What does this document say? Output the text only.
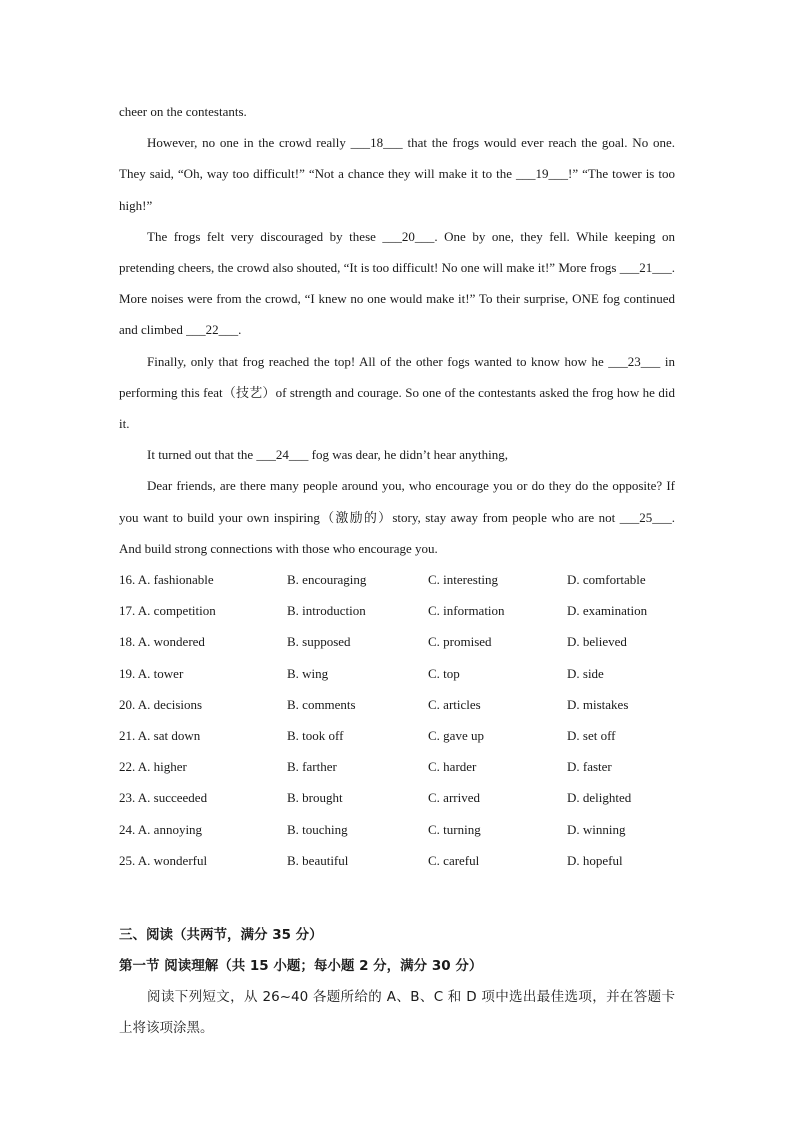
cheer on the contestants.

However, no one in the crowd really ___18___ that the frogs would ever reach the goal. No one. They said, “Oh, way too difficult!” “Not a chance they will make it to the ___19___!” “The tower is too high!”

The frogs felt very discouraged by these ___20___. One by one, they fell. While keeping on pretending cheers, the crowd also shouted, “It is too difficult! No one will make it!” More frogs ___21___. More noises were from the crowd, “I knew no one would make it!” To their surprise, ONE fog continued and climbed ___22___.

Finally, only that frog reached the top! All of the other fogs wanted to know how he ___23___ in performing this feat（技艺）of strength and courage. So one of the contestants asked the frog how he did it.

It turned out that the ___24___ fog was dear, he didn’t hear anything,

Dear friends, are there many people around you, who encourage you or do they do the opposite? If you want to build your own inspiring（激励的）story, stay away from people who are not ___25___. And build strong connections with those who encourage you.

16. A. fashionable	B. encouraging	C. interesting	D. comfortable
17. A. competition	B. introduction	C. information	D. examination
18. A. wondered	B. supposed	C. promised	D. believed
19. A. tower	B. wing	C. top	D. side
20. A. decisions	B. comments	C. articles	D. mistakes
21. A. sat down	B. took off	C. gave up	D. set off
22. A. higher	B. farther	C. harder	D. faster
23. A. succeeded	B. brought	C. arrived	D. delighted
24. A. annoying	B. touching	C. turning	D. winning
25. A. wonderful	B. beautiful	C. careful	D. hopeful

三、阅读（共两节，满分 35 分）

第一节 阅读理解（共 15 小题；每小题 2 分，满分 30 分）

阅读下列短文，从 26~40 各题所给的 A、B、C 和 D 项中选出最佳选项，并在答题卡上将该项涂黑。
